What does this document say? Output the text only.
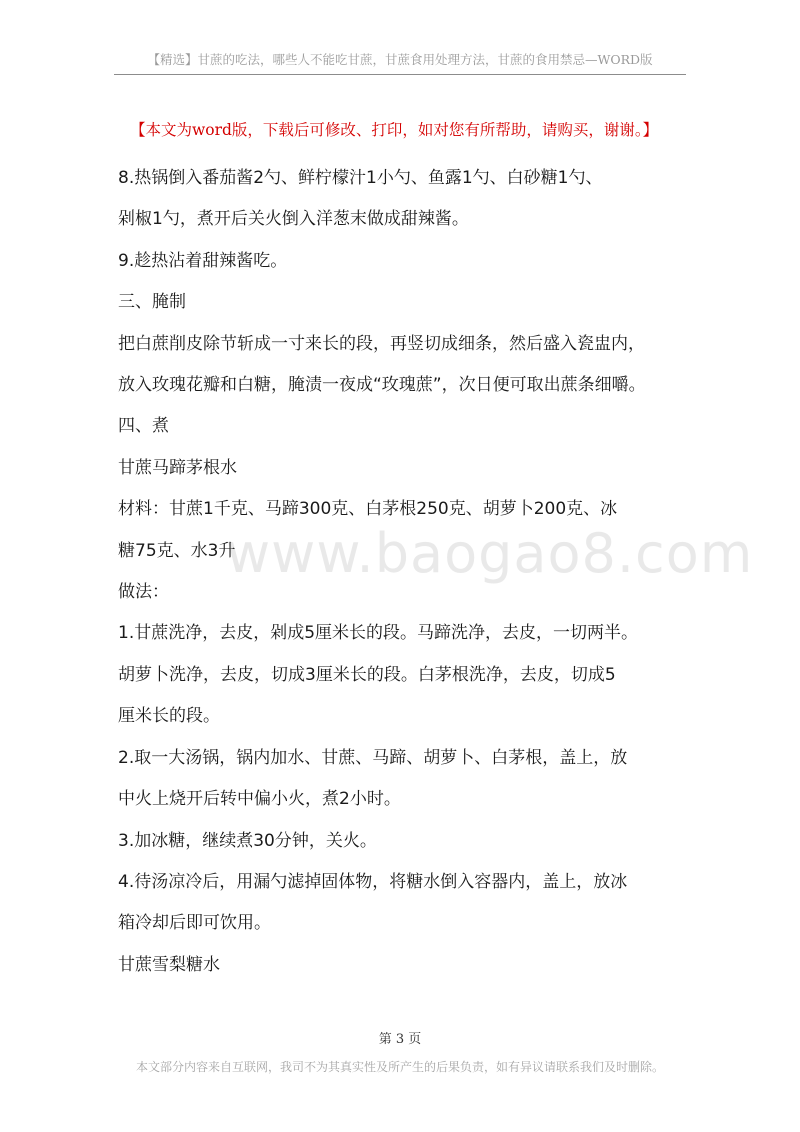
【精选】甘蔗的吃法，哪些人不能吃甘蔗，甘蔗食用处理方法，甘蔗的食用禁忌—WORD版
【本文为word版，下载后可修改、打印，如对您有所帮助，请购买，谢谢。】

8.热锅倒入番茄酱2勺、鲜柠檬汁1小勺、鱼露1勺、白砂糖1勺、

剁椒1勺，煮开后关火倒入洋葱末做成甜辣酱。

9.趁热沾着甜辣酱吃。

三、腌制

把白蔗削皮除节斩成一寸来长的段，再竖切成细条，然后盛入瓷盅内，

放入玫瑰花瓣和白糖，腌渍一夜成“玫瑰蔗”，次日便可取出蔗条细嚼。

四、煮

甘蔗马蹄茅根水

材料：甘蔗1千克、马蹄300克、白茅根250克、胡萝卜200克、冰

糖75克、水3升

做法：

1.甘蔗洗净，去皮，剁成5厘米长的段。马蹄洗净，去皮，一切两半。

胡萝卜洗净，去皮，切成3厘米长的段。白茅根洗净，去皮，切成5

厘米长的段。

2.取一大汤锅，锅内加水、甘蔗、马蹄、胡萝卜、白茅根，盖上，放

中火上烧开后转中偏小火，煮2小时。

3.加冰糖，继续煮30分钟，关火。

4.待汤凉冷后，用漏勺滤掉固体物，将糖水倒入容器内，盖上，放冰

箱冷却后即可饮用。

甘蔗雪梨糖水

www.baogao8.com
第 3 页
本文部分内容来自互联网，我司不为其真实性及所产生的后果负责，如有异议请联系我们及时删除。
